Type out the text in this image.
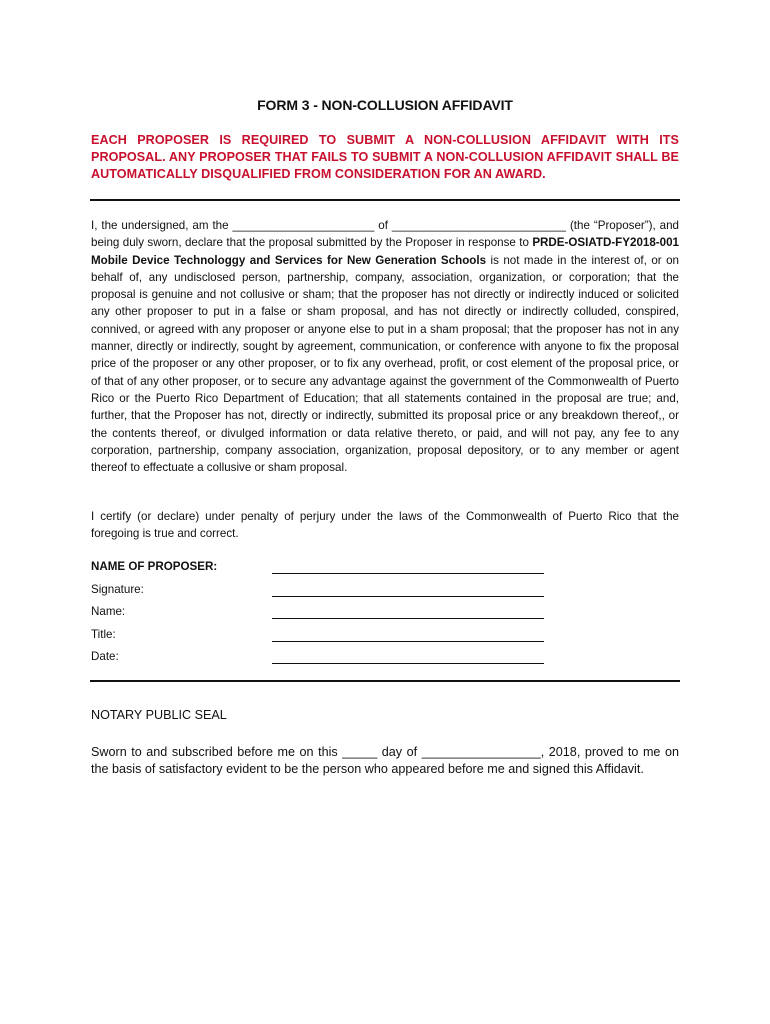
FORM 3 - NON-COLLUSION AFFIDAVIT
EACH PROPOSER IS REQUIRED TO SUBMIT A NON-COLLUSION AFFIDAVIT WITH ITS PROPOSAL. ANY PROPOSER THAT FAILS TO SUBMIT A NON-COLLUSION AFFIDAVIT SHALL BE AUTOMATICALLY DISQUALIFIED FROM CONSIDERATION FOR AN AWARD.

I, the undersigned, am the ______________________ of ___________________________ (the “Proposer”), and being duly sworn, declare that the proposal submitted by the Proposer in response to PRDE-OSIATD-FY2018-001 Mobile Device Technologgy and Services for New Generation Schools is not made in the interest of, or on behalf of, any undisclosed person, partnership, company, association, organization, or corporation; that the proposal is genuine and not collusive or sham; that the proposer has not directly or indirectly induced or solicited any other proposer to put in a false or sham proposal, and has not directly or indirectly colluded, conspired, connived, or agreed with any proposer or anyone else to put in a sham proposal; that the proposer has not in any manner, directly or indirectly, sought by agreement, communication, or conference with anyone to fix the proposal price of the proposer or any other proposer, or to fix any overhead, profit, or cost element of the proposal price, or of that of any other proposer, or to secure any advantage against the government of the Commonwealth of Puerto Rico or the Puerto Rico Department of Education; that all statements contained in the proposal are true; and, further, that the Proposer has not, directly or indirectly, submitted its proposal price or any breakdown thereof,, or the contents thereof, or divulged information or data relative thereto, or paid, and will not pay, any fee to any corporation, partnership, company association, organization, proposal depository, or to any member or agent thereof to effectuate a collusive or sham proposal.

I certify (or declare) under penalty of perjury under the laws of the Commonwealth of Puerto Rico that the foregoing is true and correct.
NAME OF PROPOSER:
Signature:
Name:
Title:
Date:
NOTARY PUBLIC SEAL
Sworn to and subscribed before me on this _____ day of _________________, 2018, proved to me on the basis of satisfactory evident to be the person who appeared before me and signed this Affidavit.
